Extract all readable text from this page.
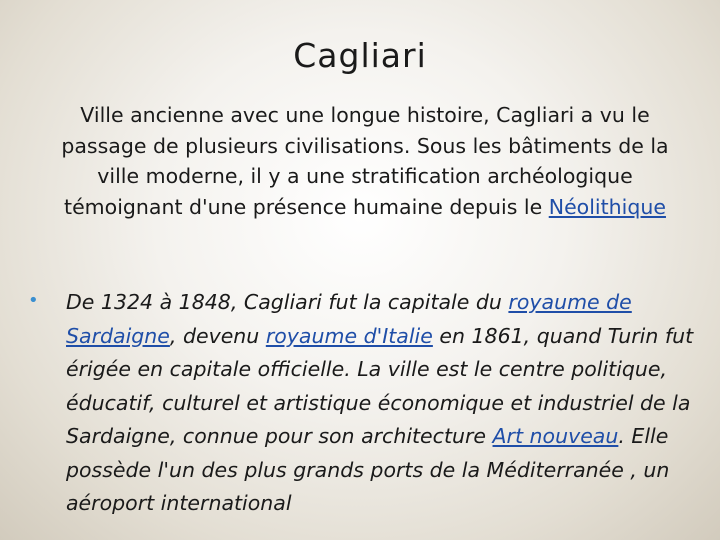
Cagliari

Ville ancienne avec une longue histoire, Cagliari a vu le passage de plusieurs civilisations. Sous les bâtiments de la ville moderne, il y a une stratification archéologique témoignant d'une présence humaine depuis le Néolithique

•	De 1324 à 1848, Cagliari fut la capitale du royaume de Sardaigne, devenu royaume d'Italie en 1861, quand Turin fut érigée en capitale officielle. La ville est le centre politique, éducatif, culturel et artistique économique et industriel de la Sardaigne, connue pour son architecture Art nouveau. Elle possède l'un des plus grands ports de la Méditerranée , un aéroport international
